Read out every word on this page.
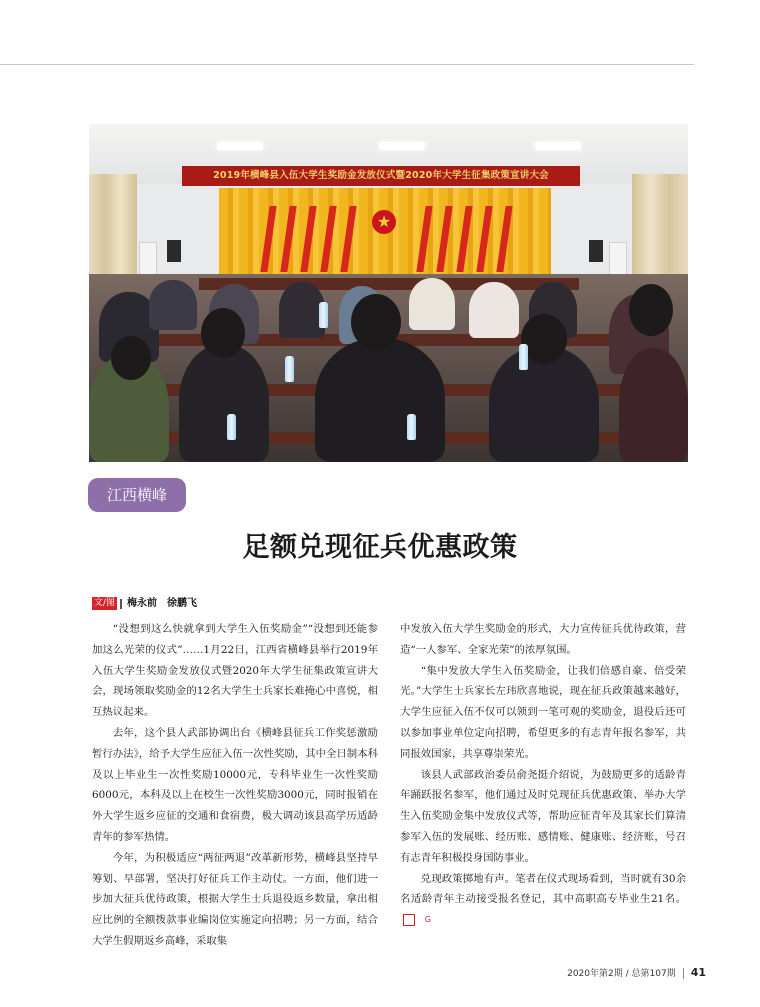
★
2019年横峰县入伍大学生奖励金发放仪式暨2020年大学生征集政策宣讲大会
江西横峰
足额兑现征兵优惠政策
文/图 梅永前　徐鹏飞

“没想到这么快就拿到大学生入伍奖励金”“没想到还能参加这么光荣的仪式”……1月22日，江西省横峰县举行2019年入伍大学生奖励金发放仪式暨2020年大学生征集政策宣讲大会，现场领取奖励金的12名大学生士兵家长难掩心中喜悦，相互热议起来。

去年，这个县人武部协调出台《横峰县征兵工作奖惩激励暂行办法》，给予大学生应征入伍一次性奖励，其中全日制本科及以上毕业生一次性奖励10000元，专科毕业生一次性奖励6000元，本科及以上在校生一次性奖励3000元，同时报销在外大学生返乡应征的交通和食宿费，极大调动该县高学历适龄青年的参军热情。

今年，为积极适应“两征两退”改革新形势，横峰县坚持早筹划、早部署，坚决打好征兵工作主动仗。一方面，他们进一步加大征兵优待政策，根据大学生士兵退役返乡数量，拿出相应比例的全额拨款事业编岗位实施定向招聘；另一方面，结合大学生假期返乡高峰，采取集

中发放入伍大学生奖励金的形式，大力宣传征兵优待政策，营造“一人参军、全家光荣”的浓厚氛围。

“集中发放大学生入伍奖励金，让我们倍感自豪、倍受荣光。”大学生士兵家长左玮欣喜地说，现在征兵政策越来越好，大学生应征入伍不仅可以领到一笔可观的奖励金，退役后还可以参加事业单位定向招聘，希望更多的有志青年报名参军，共同报效国家，共享尊崇荣光。

该县人武部政治委员俞尧挺介绍说，为鼓励更多的适龄青年踊跃报名参军，他们通过及时兑现征兵优惠政策、举办大学生入伍奖励金集中发放仪式等，帮助应征青年及其家长们算清参军入伍的发展账、经历账、感情账、健康账、经济账，号召有志青年积极投身国防事业。

兑现政策掷地有声。笔者在仪式现场看到，当时就有30余名适龄青年主动接受报名登记，其中高职高专毕业生21名。G

2020年第2期 / 总第107期 41
